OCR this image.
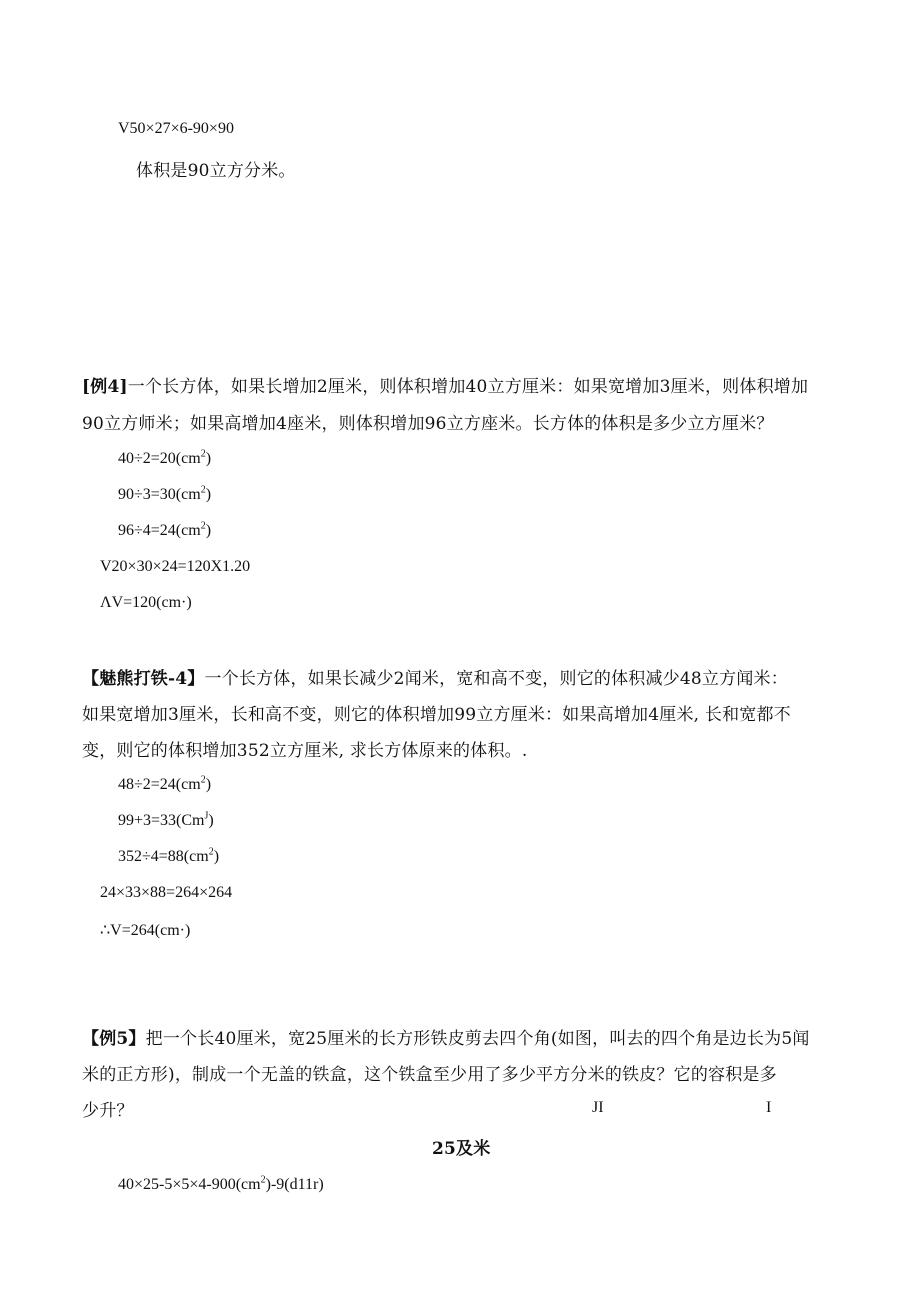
V50×27×6-90×90

体积是90立方分米。

[例4]一个长方体，如果长增加2厘米，则体积增加40立方厘米：如果宽增加3厘米，则体积增加

90立方师米；如果高增加4座米，则体积增加96立方座米。长方体的体积是多少立方厘米？

$40\div 2=20(cm^2)$

$90\div 3=30(cm^2)$

$96\div 4=24(cm^2)$

V20×30×24=120X1.20

ΛV=120(cm·)

【魅熊打铁-4】一个长方体，如果长减少2闻米，宽和高不变，则它的体积减少48立方闻米：

如果宽增加3厘米，长和高不变，则它的体积增加99立方厘米：如果高增加4厘米, 长和宽都不

变，则它的体积增加352立方厘米, 求长方体原来的体积。.

$48\div 2=24(cm^2)$

$99+3=33(Cm^J)$

$352\div 4=88(cm^2)$

24×33×88=264×264

∴V=264(cm·)

【例5】把一个长40厘米，宽25厘米的长方形铁皮剪去四个角(如图，叫去的四个角是边长为5闻

米的正方形)，制成一个无盖的铁盒，这个铁盒至少用了多少平方分米的铁皮？它的容积是多

少升？	JI	I

25及米

$40\times 25-5\times 5\times 4-900(cm^2)-9(d11r)$
